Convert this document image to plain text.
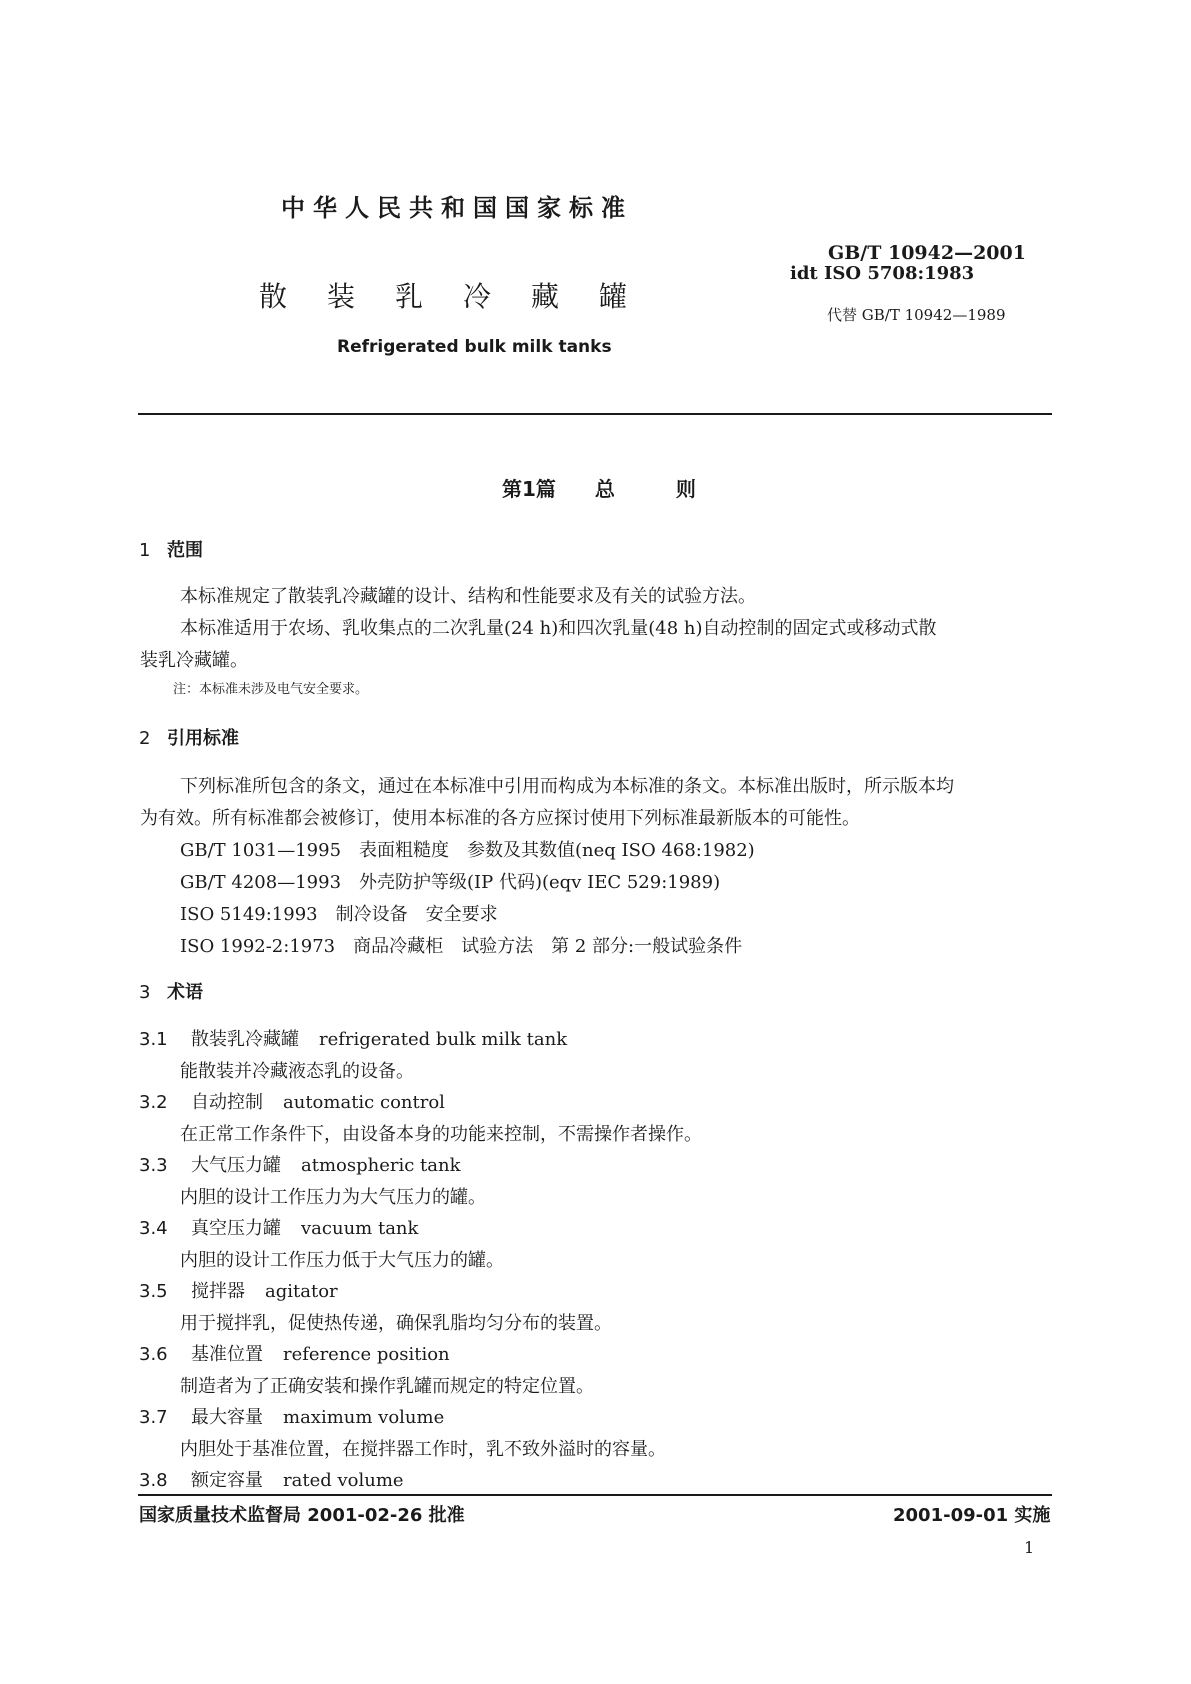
中华人民共和国国家标准
散装乳冷藏罐
Refrigerated bulk milk tanks
GB/T 10942—2001
idt ISO 5708:1983
代替 GB/T 10942—1989
第1篇 总	则
1 范围
本标准规定了散装乳冷藏罐的设计、结构和性能要求及有关的试验方法。
本标准适用于农场、乳收集点的二次乳量(24 h)和四次乳量(48 h)自动控制的固定式或移动式散
装乳冷藏罐。
注：本标准未涉及电气安全要求。
2 引用标准
下列标准所包含的条文，通过在本标准中引用而构成为本标准的条文。本标准出版时，所示版本均
为有效。所有标准都会被修订，使用本标准的各方应探讨使用下列标准最新版本的可能性。
GB/T 1031—1995　表面粗糙度　参数及其数值(neq ISO 468:1982)
GB/T 4208—1993　外壳防护等级(IP 代码)(eqv IEC 529:1989)
ISO 5149:1993　制冷设备　安全要求
ISO 1992-2:1973　商品冷藏柜　试验方法　第 2 部分:一般试验条件
3 术语
3.1 散装乳冷藏罐 refrigerated bulk milk tank
能散装并冷藏液态乳的设备。
3.2 自动控制 automatic control
在正常工作条件下，由设备本身的功能来控制，不需操作者操作。
3.3 大气压力罐 atmospheric tank
内胆的设计工作压力为大气压力的罐。
3.4 真空压力罐 vacuum tank
内胆的设计工作压力低于大气压力的罐。
3.5 搅拌器 agitator
用于搅拌乳，促使热传递，确保乳脂均匀分布的装置。
3.6 基准位置 reference position
制造者为了正确安装和操作乳罐而规定的特定位置。
3.7 最大容量 maximum volume
内胆处于基准位置，在搅拌器工作时，乳不致外溢时的容量。
3.8 额定容量 rated volume
国家质量技术监督局 2001-02-26 批准	2001-09-01 实施
1
